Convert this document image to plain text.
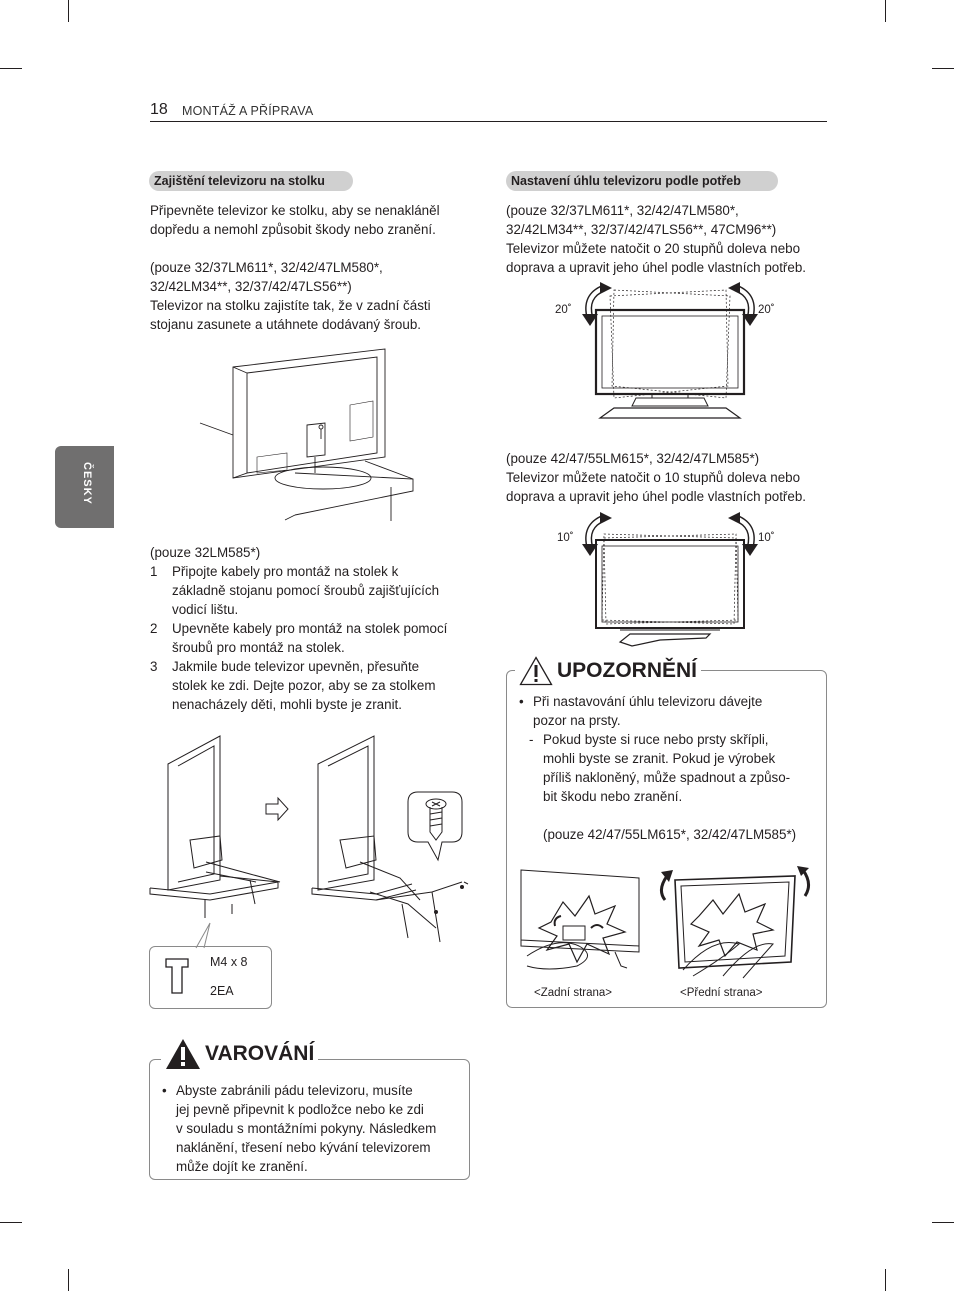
18 MONTÁŽ A PŘÍPRAVA
ČESKY
Zajištění televizoru na stolku
Připevněte televizor ke stolku, aby se nenakláněl
dopředu a nemohl způsobit škody nebo zranění.
(pouze 32/37LM611*, 32/42/47LM580*,
32/42LM34**, 32/37/42/47LS56**)
Televizor na stolku zajistíte tak, že v zadní části
stojanu zasunete a utáhnete dodávaný šroub.
(pouze 32LM585*)
1 Připojte kabely pro montáž na stolek k
základně stojanu pomocí šroubů zajišťujících
vodicí lištu.
2 Upevněte kabely pro montáž na stolek pomocí
šroubů pro montáž na stolek.
3 Jakmile bude televizor upevněn, přesuňte
stolek ke zdi. Dejte pozor, aby se za stolkem
nenacházely děti, mohli byste je zranit.
M4 x 8
2EA
VAROVÁNÍ
• Abyste zabránili pádu televizoru, musíte
jej pevně připevnit k podložce nebo ke zdi
v souladu s montážními pokyny. Následkem
naklánění, třesení nebo kývání televizorem
může dojít ke zranění.
Nastavení úhlu televizoru podle potřeb
(pouze 32/37LM611*, 32/42/47LM580*,
32/42LM34**, 32/37/42/47LS56**, 47CM96**)
Televizor můžete natočit o 20 stupňů doleva nebo
doprava a upravit jeho úhel podle vlastních potřeb.
20˚	20˚
(pouze 42/47/55LM615*, 32/42/47LM585*)
Televizor můžete natočit o 10 stupňů doleva nebo
doprava a upravit jeho úhel podle vlastních potřeb.
10˚	10˚
UPOZORNĚNÍ
• Při nastavování úhlu televizoru dávejte
pozor na prsty.
- Pokud byste si ruce nebo prsty skřípli,
mohli byste se zranit. Pokud je výrobek
příliš nakloněný, může spadnout a způso-
bit škodu nebo zranění.

(pouze 42/47/55LM615*, 32/42/47LM585*)
<Zadní strana>	<Přední strana>
